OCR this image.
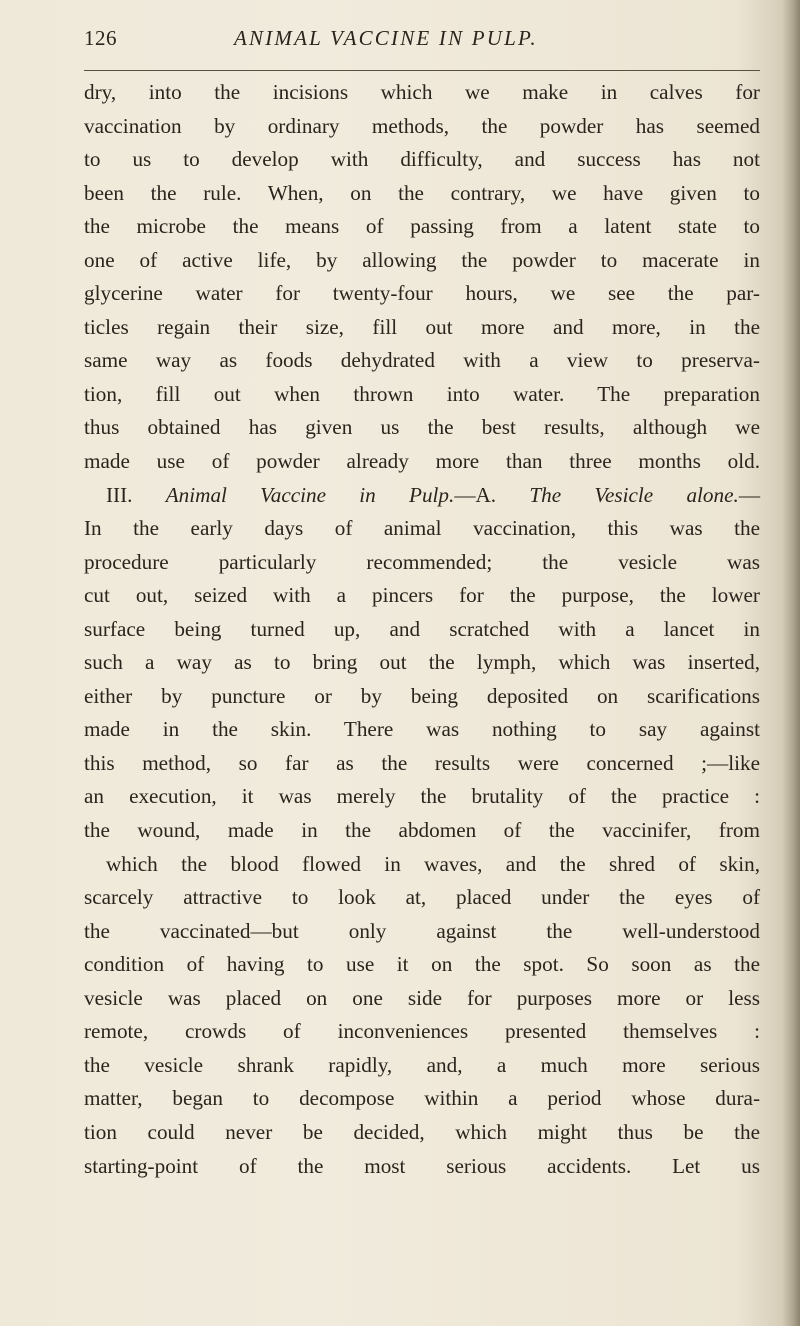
126	ANIMAL VACCINE IN PULP.
dry, into the incisions which we make in calves for
vaccination by ordinary methods, the powder has seemed
to us to develop with difficulty, and success has not
been the rule. When, on the contrary, we have given to
the microbe the means of passing from a latent state to
one of active life, by allowing the powder to macerate in
glycerine water for twenty-four hours, we see the par-
ticles regain their size, fill out more and more, in the
same way as foods dehydrated with a view to preserva-
tion, fill out when thrown into water. The preparation
thus obtained has given us the best results, although we
made use of powder already more than three months old.
III. Animal Vaccine in Pulp.—A. The Vesicle alone.—
In the early days of animal vaccination, this was the
procedure particularly recommended; the vesicle was
cut out, seized with a pincers for the purpose, the lower
surface being turned up, and scratched with a lancet in
such a way as to bring out the lymph, which was inserted,
either by puncture or by being deposited on scarifications
made in the skin. There was nothing to say against
this method, so far as the results were concerned ;—like
an execution, it was merely the brutality of the practice :
the wound, made in the abdomen of the vaccinifer, from
which the blood flowed in waves, and the shred of skin,
scarcely attractive to look at, placed under the eyes of
the vaccinated—but only against the well-understood
condition of having to use it on the spot. So soon as the
vesicle was placed on one side for purposes more or less
remote, crowds of inconveniences presented themselves :
the vesicle shrank rapidly, and, a much more serious
matter, began to decompose within a period whose dura-
tion could never be decided, which might thus be the
starting-point of the most serious accidents. Let us
